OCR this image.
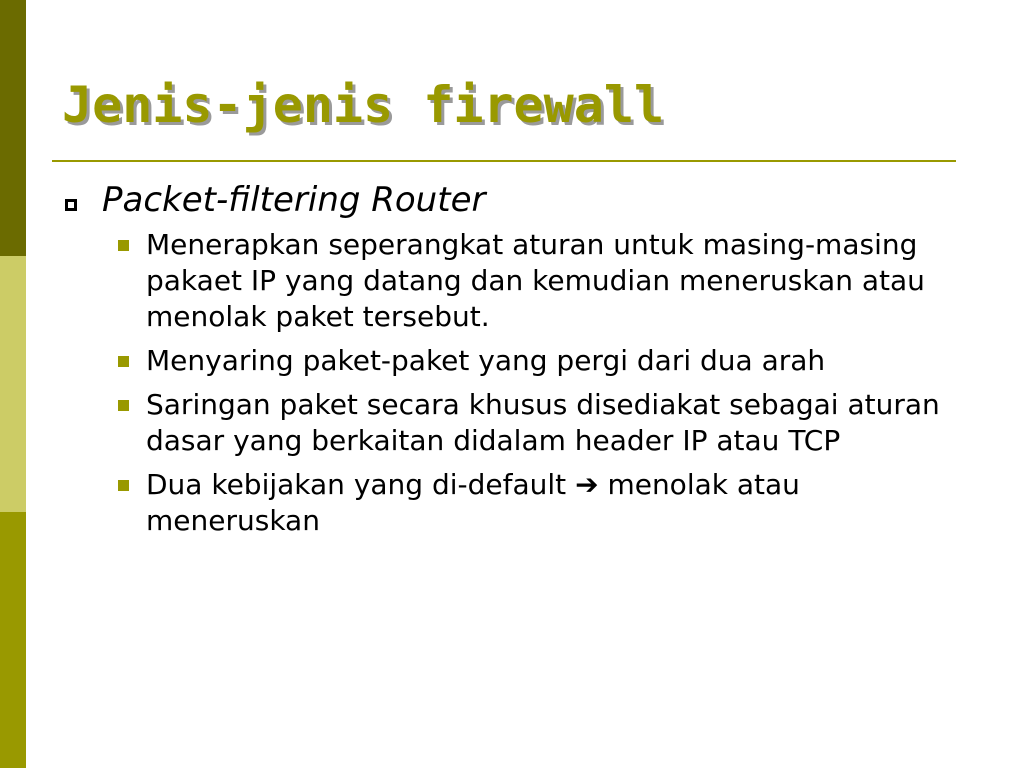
Jenis-jenis firewall
Packet-filtering Router
Menerapkan seperangkat aturan untuk masing-masing pakaet IP yang datang dan kemudian meneruskan atau menolak paket tersebut.
Menyaring paket-paket yang pergi dari dua arah
Saringan paket secara khusus disediakat sebagai aturan dasar yang berkaitan didalam header IP atau TCP
Dua kebijakan yang di-default ➔ menolak atau meneruskan
